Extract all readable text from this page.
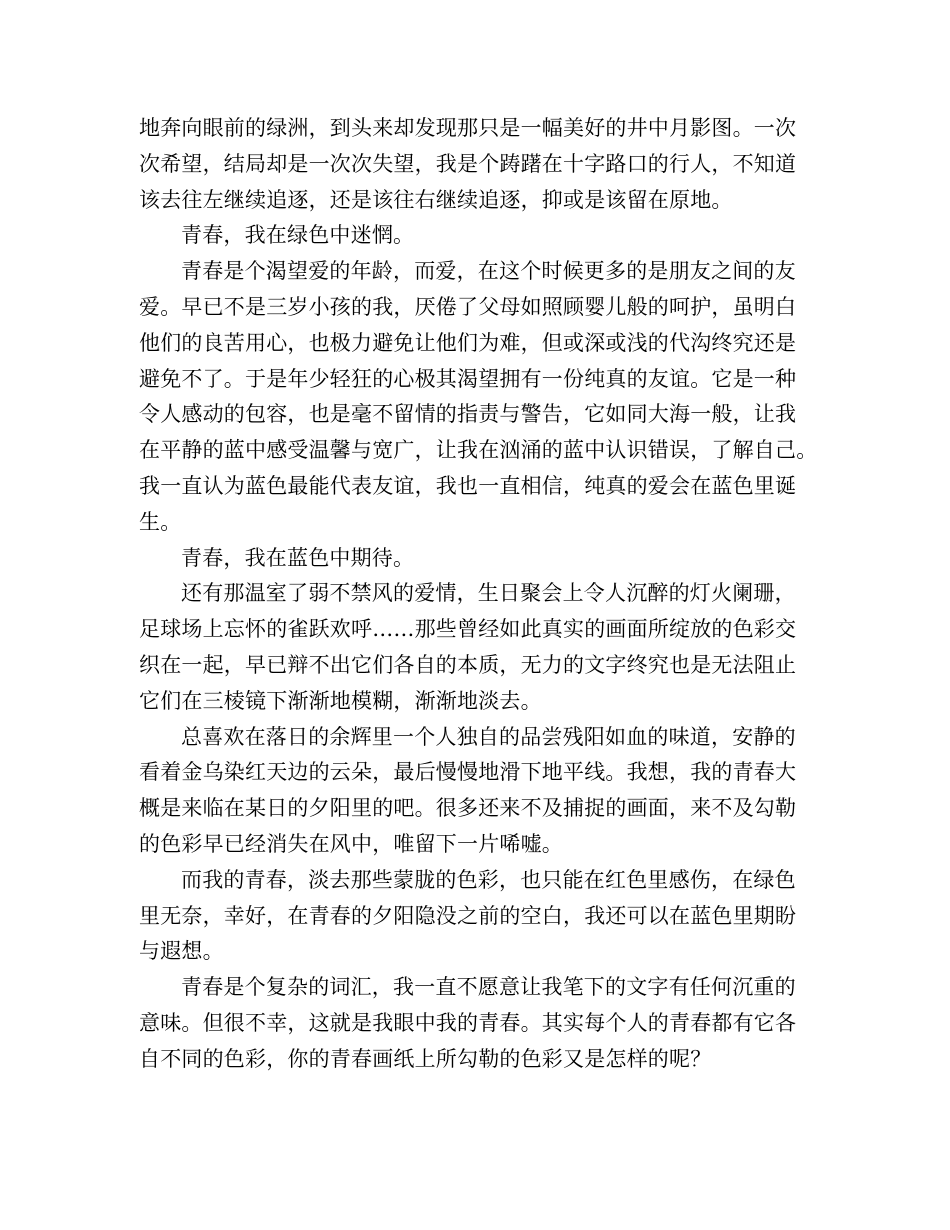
地奔向眼前的绿洲，到头来却发现那只是一幅美好的井中月影图。一次
次希望，结局却是一次次失望，我是个踌躇在十字路口的行人，不知道
该去往左继续追逐，还是该往右继续追逐，抑或是该留在原地。
青春，我在绿色中迷惘。
青春是个渴望爱的年龄，而爱，在这个时候更多的是朋友之间的友
爱。早已不是三岁小孩的我，厌倦了父母如照顾婴儿般的呵护，虽明白
他们的良苦用心，也极力避免让他们为难，但或深或浅的代沟终究还是
避免不了。于是年少轻狂的心极其渴望拥有一份纯真的友谊。它是一种
令人感动的包容，也是毫不留情的指责与警告，它如同大海一般，让我
在平静的蓝中感受温馨与宽广，让我在汹涌的蓝中认识错误，了解自己。
我一直认为蓝色最能代表友谊，我也一直相信，纯真的爱会在蓝色里诞
生。
青春，我在蓝色中期待。
还有那温室了弱不禁风的爱情，生日聚会上令人沉醉的灯火阑珊，
足球场上忘怀的雀跃欢呼……那些曾经如此真实的画面所绽放的色彩交
织在一起，早已辩不出它们各自的本质，无力的文字终究也是无法阻止
它们在三棱镜下渐渐地模糊，渐渐地淡去。
总喜欢在落日的余辉里一个人独自的品尝残阳如血的味道，安静的
看着金乌染红天边的云朵，最后慢慢地滑下地平线。我想，我的青春大
概是来临在某日的夕阳里的吧。很多还来不及捕捉的画面，来不及勾勒
的色彩早已经消失在风中，唯留下一片唏嘘。
而我的青春，淡去那些蒙胧的色彩，也只能在红色里感伤，在绿色
里无奈，幸好，在青春的夕阳隐没之前的空白，我还可以在蓝色里期盼
与遐想。
青春是个复杂的词汇，我一直不愿意让我笔下的文字有任何沉重的
意味。但很不幸，这就是我眼中我的青春。其实每个人的青春都有它各
自不同的色彩，你的青春画纸上所勾勒的色彩又是怎样的呢？
